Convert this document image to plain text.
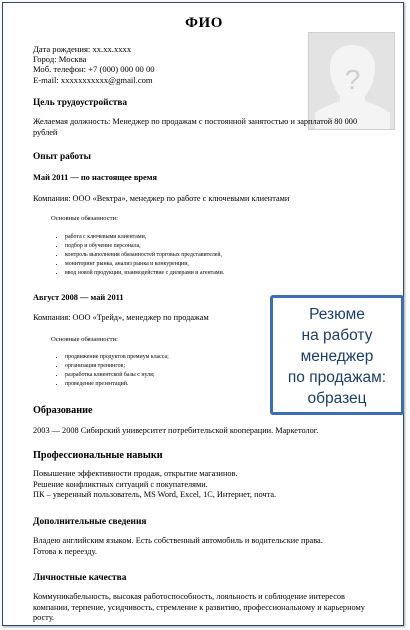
ФИО
Дата рождения: xx.xx.xxxx
Город: Москва
Моб. телефон: +7 (000) 000 00 00
E-mail: xxxxxxxxxxx@gmail.com	?
Цель трудоустройства
Желаемая должность: Менеджер по продажам с постоянной занятостью и зарплатой 80 000 рублей
Опыт работы
Май 2011 — по настоящее время
Компания: ООО «Вектра», менеджер по работе с ключевыми клиентами
Основные обязанности:
• работа с ключевыми клиентами,
• подбор и обучение персонала,
• контроль выполнения обязанностей торговых представителей,
• мониторинг рынка, анализ рынка и конкуренции,
• ввод новой продукции, взаимодействие с дилерами и агентами.
Август 2008 — май 2011
Компания: ООО «Трейд», менеджер по продажам
Основные обязанности:
• продвижение продуктов премиум класса;
• организация тренингов;
• разработка клиентской базы с нуля;
• проведение презентаций.
Образование
2003 — 2008 Сибирский университет потребительской кооперации. Маркетолог.
Профессиональные навыки
Повышение эффективности продаж, открытие магазинов.
Решение конфликтных ситуаций с покупателями.
ПК – уверенный пользователь, MS Word, Excel, 1С, Интернет, почта.
Дополнительные сведения
Владею английским языком. Есть собственный автомобиль и водительские права.
Готова к переезду.
Личностные качества
Коммуникабельность, высокая работоспособность, лояльность и соблюдение интересов компании, терпение, усидчивость, стремление к развитию, профессиональному и карьерному росту.
Резюме
на работу
менеджер
по продажам:
образец
